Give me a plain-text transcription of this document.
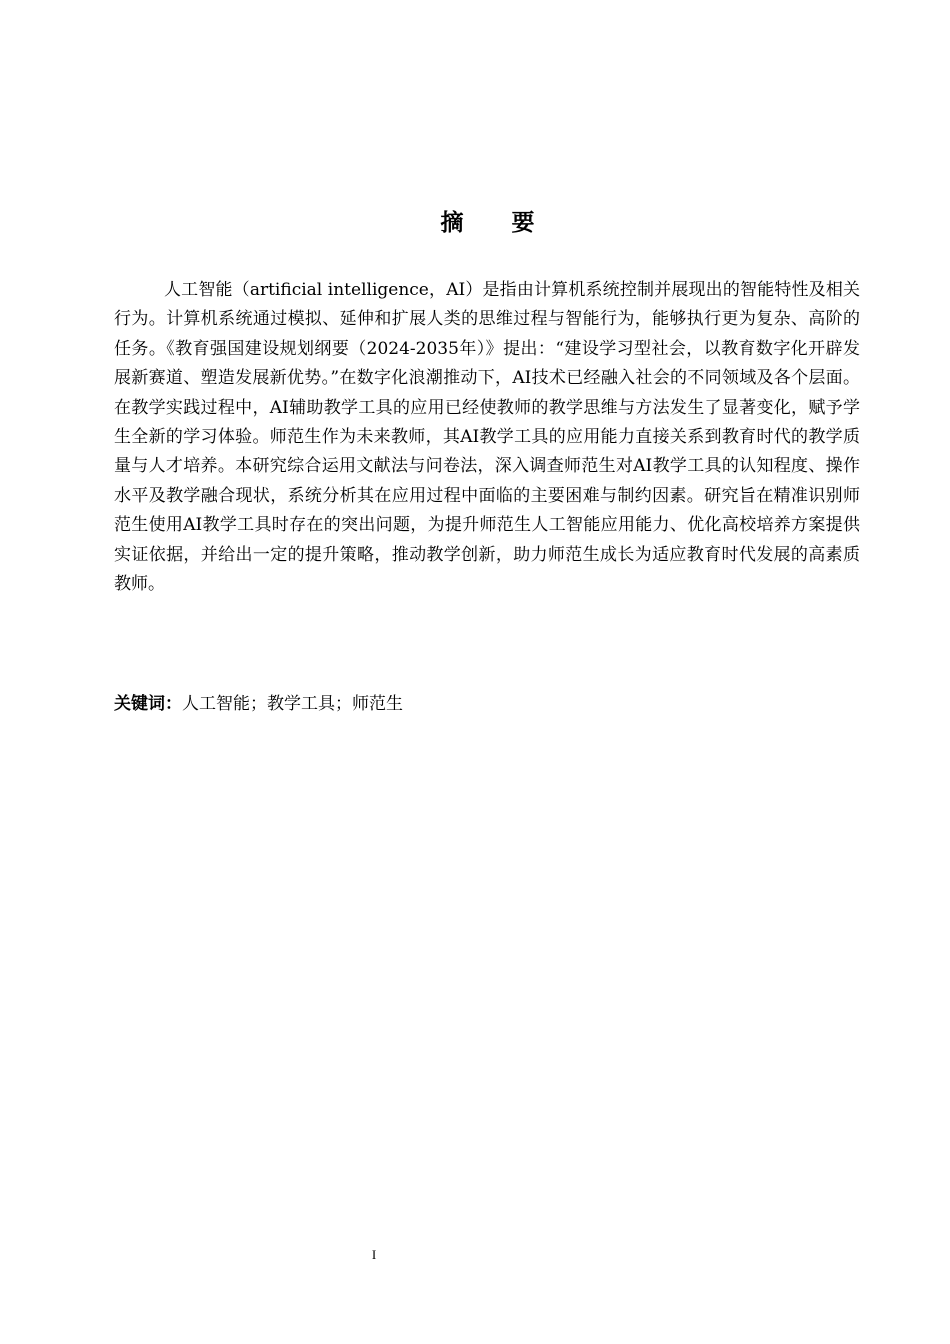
摘 要

人工智能（artificial intelligence，AI）是指由计算机系统控制并展现出的智能特性及相关行为。计算机系统通过模拟、延伸和扩展人类的思维过程与智能行为，能够执行更为复杂、高阶的任务。《教育强国建设规划纲要（2024-2035年）》提出：“建设学习型社会，以教育数字化开辟发展新赛道、塑造发展新优势。”在数字化浪潮推动下，AI技术已经融入社会的不同领域及各个层面。在教学实践过程中，AI辅助教学工具的应用已经使教师的教学思维与方法发生了显著变化，赋予学生全新的学习体验。师范生作为未来教师，其AI教学工具的应用能力直接关系到教育时代的教学质量与人才培养。本研究综合运用文献法与问卷法，深入调查师范生对AI教学工具的认知程度、操作水平及教学融合现状，系统分析其在应用过程中面临的主要困难与制约因素。研究旨在精准识别师范生使用AI教学工具时存在的突出问题，为提升师范生人工智能应用能力、优化高校培养方案提供实证依据，并给出一定的提升策略，推动教学创新，助力师范生成长为适应教育时代发展的高素质教师。

关键词：人工智能；教学工具；师范生

I
